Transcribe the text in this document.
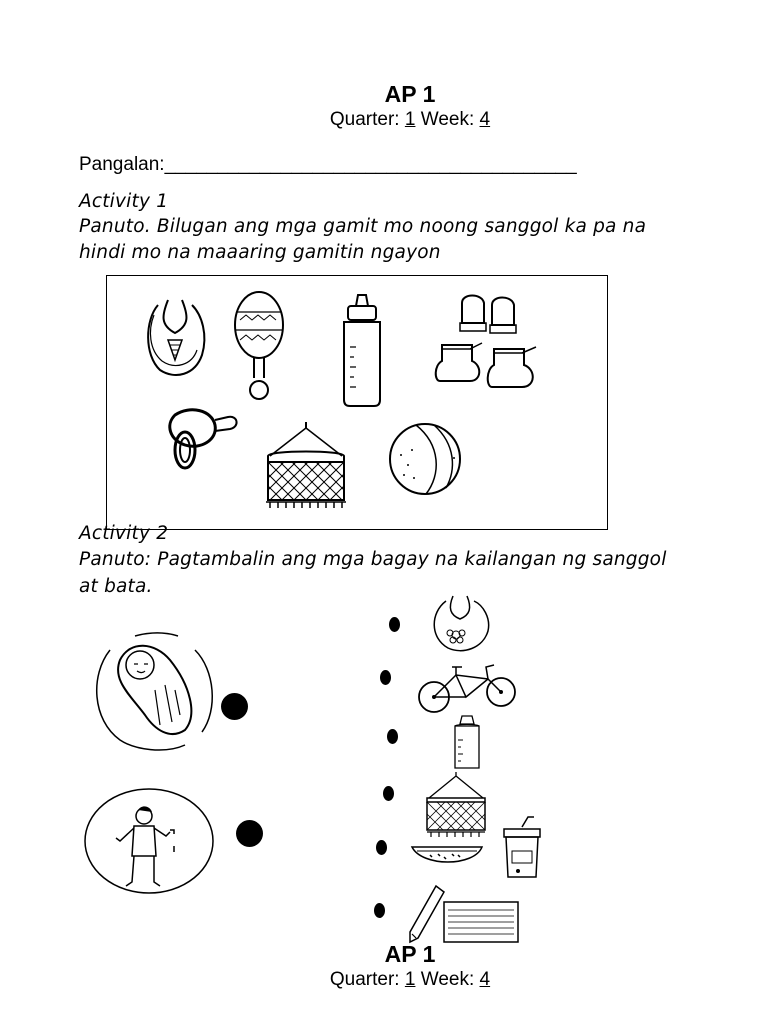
AP 1
Quarter: 1 Week: 4
Pangalan:_______________________________________
Activity 1
Panuto. Bilugan ang mga gamit mo noong sanggol ka pa na
hindi mo na maaaring gamitin ngayon
Activity 2
Panuto: Pagtambalin ang mga bagay na kailangan ng sanggol
at bata.
AP 1
Quarter: 1 Week: 4
